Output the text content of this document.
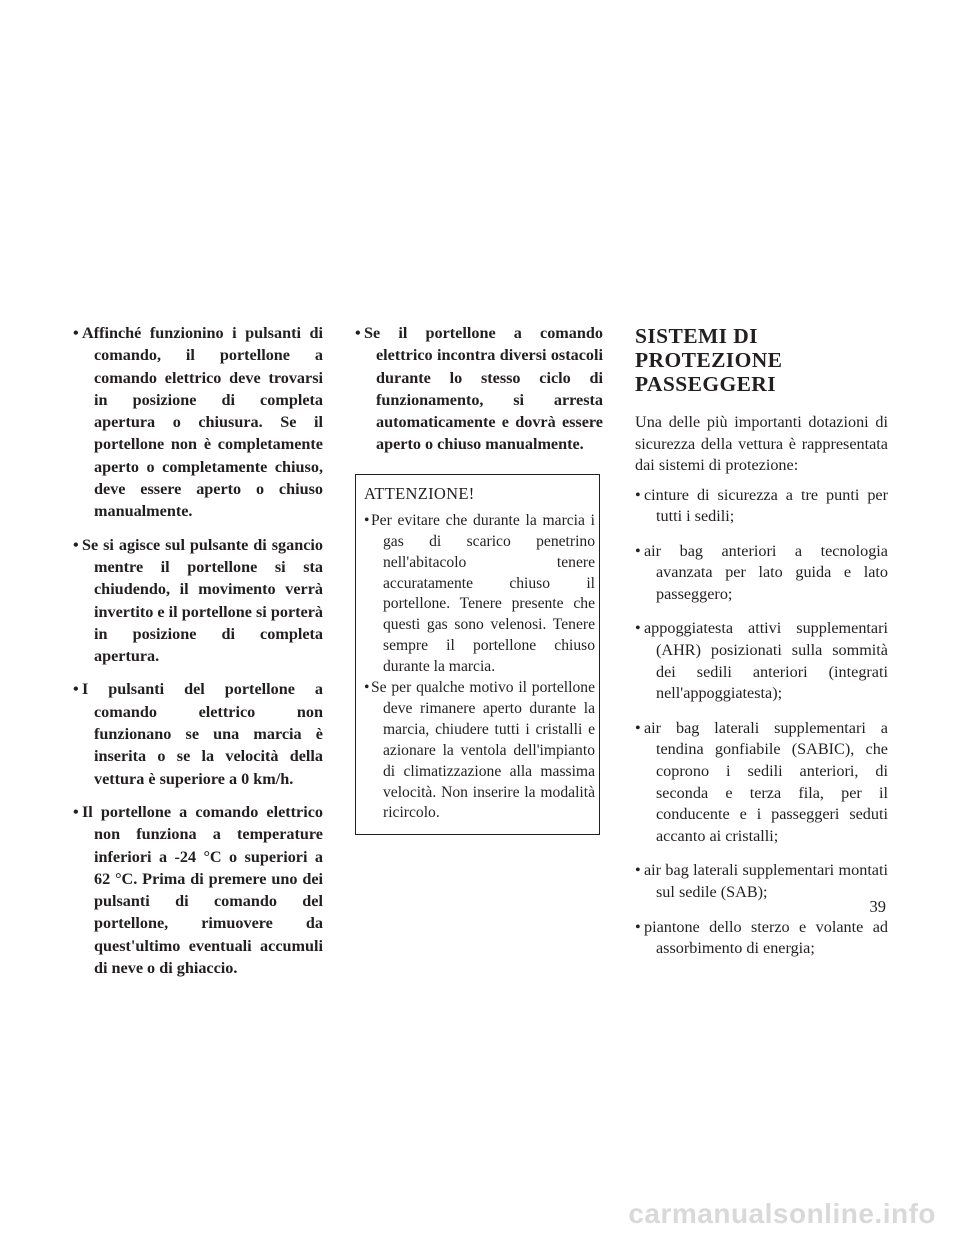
• Affinché funzionino i pulsanti di comando, il portellone a comando elettrico deve trovarsi in posizione di completa apertura o chiusura. Se il portellone non è completamente aperto o completamente chiuso, deve essere aperto o chiuso manualmente.
• Se si agisce sul pulsante di sgancio mentre il portellone si sta chiudendo, il movimento verrà invertito e il portellone si porterà in posizione di completa apertura.
• I pulsanti del portellone a comando elettrico non funzionano se una marcia è inserita o se la velocità della vettura è superiore a 0 km/h.
• Il portellone a comando elettrico non funziona a temperature inferiori a -24 °C o superiori a 62 °C. Prima di premere uno dei pulsanti di comando del portellone, rimuovere da quest'ultimo eventuali accumuli di neve o di ghiaccio.
• Se il portellone a comando elettrico incontra diversi ostacoli durante lo stesso ciclo di funzionamento, si arresta automaticamente e dovrà essere aperto o chiuso manualmente.
ATTENZIONE!
• Per evitare che durante la marcia i gas di scarico penetrino nell'abitacolo tenere accuratamente chiuso il portellone. Tenere presente che questi gas sono velenosi. Tenere sempre il portellone chiuso durante la marcia.
• Se per qualche motivo il portellone deve rimanere aperto durante la marcia, chiudere tutti i cristalli e azionare la ventola dell'impianto di climatizzazione alla massima velocità. Non inserire la modalità ricircolo.
SISTEMI DI PROTEZIONE PASSEGGERI

Una delle più importanti dotazioni di sicurezza della vettura è rappresentata dai sistemi di protezione:

• cinture di sicurezza a tre punti per tutti i sedili;
• air bag anteriori a tecnologia avanzata per lato guida e lato passeggero;
• appoggiatesta attivi supplementari (AHR) posizionati sulla sommità dei sedili anteriori (integrati nell'appoggiatesta);
• air bag laterali supplementari a tendina gonfiabile (SABIC), che coprono i sedili anteriori, di seconda e terza fila, per il conducente e i passeggeri seduti accanto ai cristalli;
• air bag laterali supplementari montati sul sedile (SAB);
• piantone dello sterzo e volante ad assorbimento di energia;
39
carmanualsonline.info
